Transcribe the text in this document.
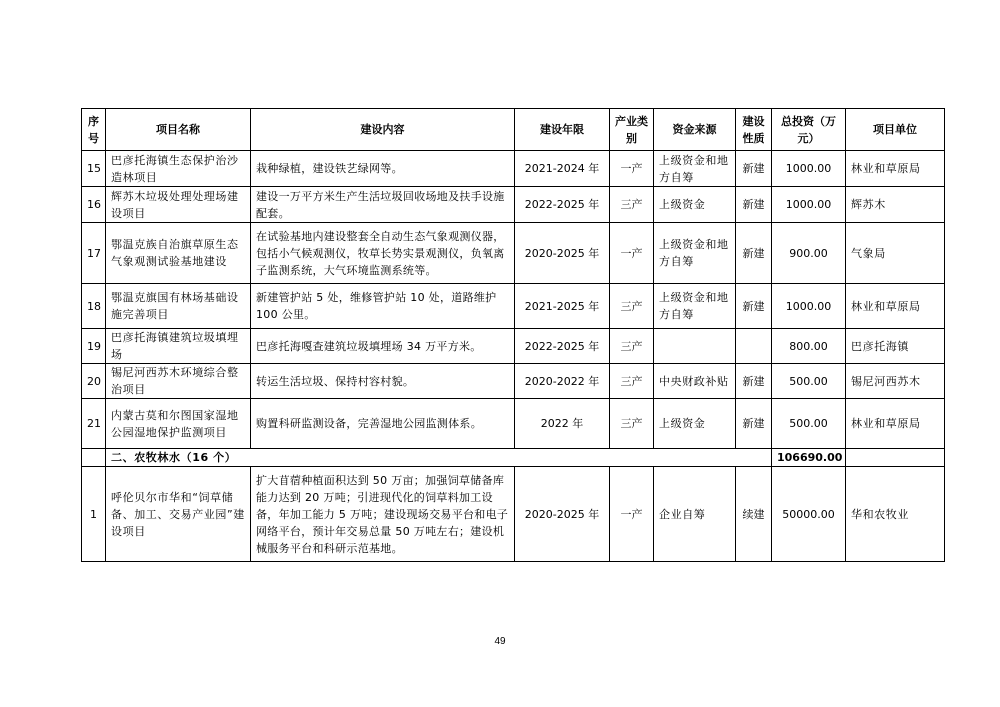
序号	项目名称	建设内容	建设年限	产业类别	资金来源	建设性质	总投资（万元）	项目单位
15	巴彦托海镇生态保护治沙造林项目	栽种绿植，建设铁艺绿网等。	2021-2024 年	一产	上级资金和地方自筹	新建	1000.00	林业和草原局
16	辉苏木垃圾处理处理场建设项目	建设一万平方米生产生活垃圾回收场地及扶手设施配套。	2022-2025 年	三产	上级资金	新建	1000.00	辉苏木
17	鄂温克族自治旗草原生态气象观测试验基地建设	在试验基地内建设整套全自动生态气象观测仪器，包括小气候观测仪，牧草长势实景观测仪，负氧离子监测系统，大气环境监测系统等。	2020-2025 年	一产	上级资金和地方自筹	新建	900.00	气象局
18	鄂温克旗国有林场基础设施完善项目	新建管护站 5 处，维修管护站 10 处，道路维护 100 公里。	2021-2025 年	三产	上级资金和地方自筹	新建	1000.00	林业和草原局
19	巴彦托海镇建筑垃圾填埋场	巴彦托海嘎查建筑垃圾填埋场 34 万平方米。	2022-2025 年	三产			800.00	巴彦托海镇
20	锡尼河西苏木环境综合整治项目	转运生活垃圾、保持村容村貌。	2020-2022 年	三产	中央财政补贴	新建	500.00	锡尼河西苏木
21	内蒙古莫和尔图国家湿地公园湿地保护监测项目	购置科研监测设备，完善湿地公园监测体系。	2022 年	三产	上级资金	新建	500.00	林业和草原局
	二、农牧林水（16 个）						106690.00	
1	呼伦贝尔市华和“饲草储备、加工、交易产业园”建设项目	扩大苜蓿种植面积达到 50 万亩；加强饲草储备库能力达到 20 万吨；引进现代化的饲草料加工设备，年加工能力 5 万吨；建设现场交易平台和电子网络平台，预计年交易总量 50 万吨左右；建设机械服务平台和科研示范基地。	2020-2025 年	一产	企业自筹	续建	50000.00	华和农牧业
49
